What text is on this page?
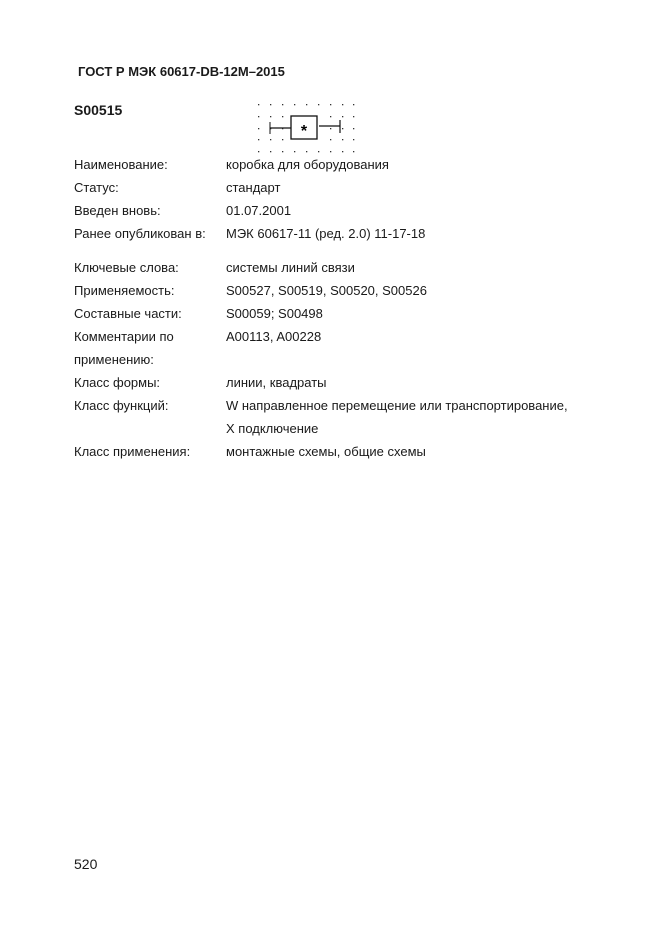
ГОСТ Р МЭК 60617-DB-12M–2015
S00515
*
Наименование:	коробка для оборудования
Статус:	стандарт
Введен вновь:	01.07.2001
Ранее опубликован в: МЭК 60617-11 (ред. 2.0) 11-17-18
Ключевые слова:	системы линий связи
Применяемость:	S00527, S00519, S00520, S00526
Составные части:	S00059; S00498
Комментарии по	A00113, A00228
применению:
Класс формы:	линии, квадраты
Класс функций:	W направленное перемещение или транспортирование,
X подключение
Класс применения:	монтажные схемы, общие схемы
520
